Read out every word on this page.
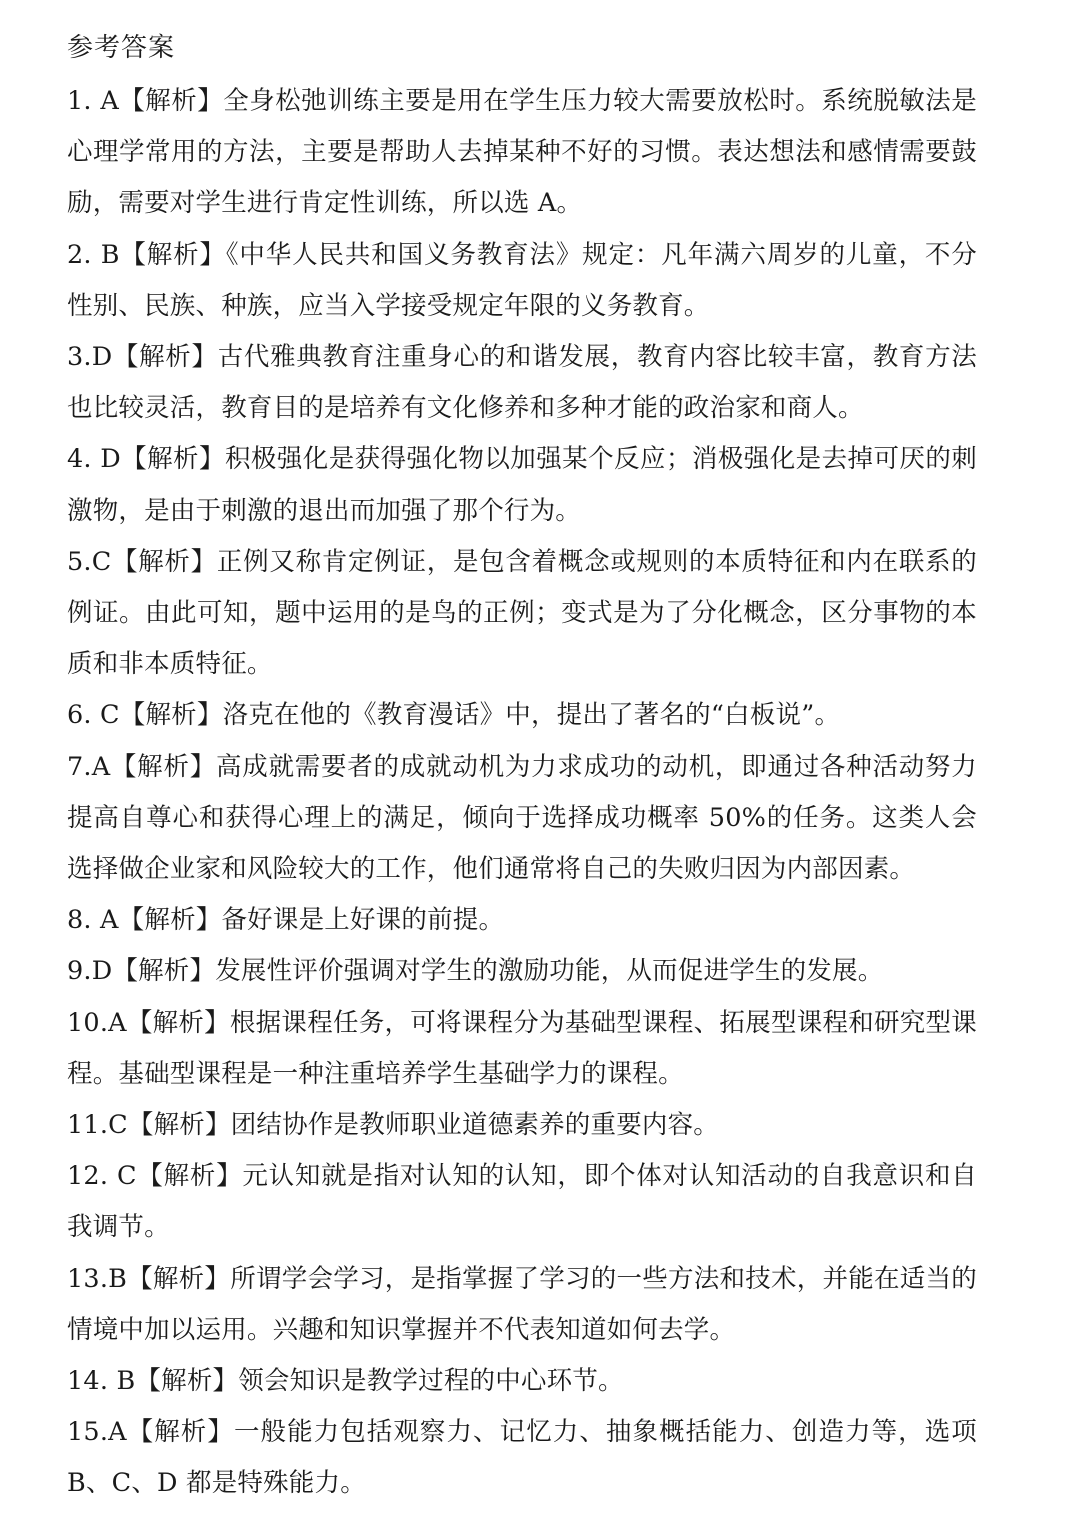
参考答案
1. A【解析】全身松弛训练主要是用在学生压力较大需要放松时。系统脱敏法是心理学常用的方法，主要是帮助人去掉某种不好的习惯。表达想法和感情需要鼓励，需要对学生进行肯定性训练，所以选 A。
2. B【解析】《中华人民共和国义务教育法》规定：凡年满六周岁的儿童，不分性别、民族、种族，应当入学接受规定年限的义务教育。
3.D【解析】古代雅典教育注重身心的和谐发展，教育内容比较丰富，教育方法也比较灵活，教育目的是培养有文化修养和多种才能的政治家和商人。
4. D【解析】积极强化是获得强化物以加强某个反应；消极强化是去掉可厌的刺激物，是由于刺激的退出而加强了那个行为。
5.C【解析】正例又称肯定例证，是包含着概念或规则的本质特征和内在联系的例证。由此可知，题中运用的是鸟的正例；变式是为了分化概念，区分事物的本质和非本质特征。
6. C【解析】洛克在他的《教育漫话》中，提出了著名的“白板说”。
7.A【解析】高成就需要者的成就动机为力求成功的动机，即通过各种活动努力提高自尊心和获得心理上的满足，倾向于选择成功概率 50%的任务。这类人会选择做企业家和风险较大的工作，他们通常将自己的失败归因为内部因素。
8. A【解析】备好课是上好课的前提。
9.D【解析】发展性评价强调对学生的激励功能，从而促进学生的发展。
10.A【解析】根据课程任务，可将课程分为基础型课程、拓展型课程和研究型课程。基础型课程是一种注重培养学生基础学力的课程。
11.C【解析】团结协作是教师职业道德素养的重要内容。
12. C【解析】元认知就是指对认知的认知，即个体对认知活动的自我意识和自我调节。
13.B【解析】所谓学会学习，是指掌握了学习的一些方法和技术，并能在适当的情境中加以运用。兴趣和知识掌握并不代表知道如何去学。
14. B【解析】领会知识是教学过程的中心环节。
15.A【解析】一般能力包括观察力、记忆力、抽象概括能力、创造力等，选项 B、C、D 都是特殊能力。
